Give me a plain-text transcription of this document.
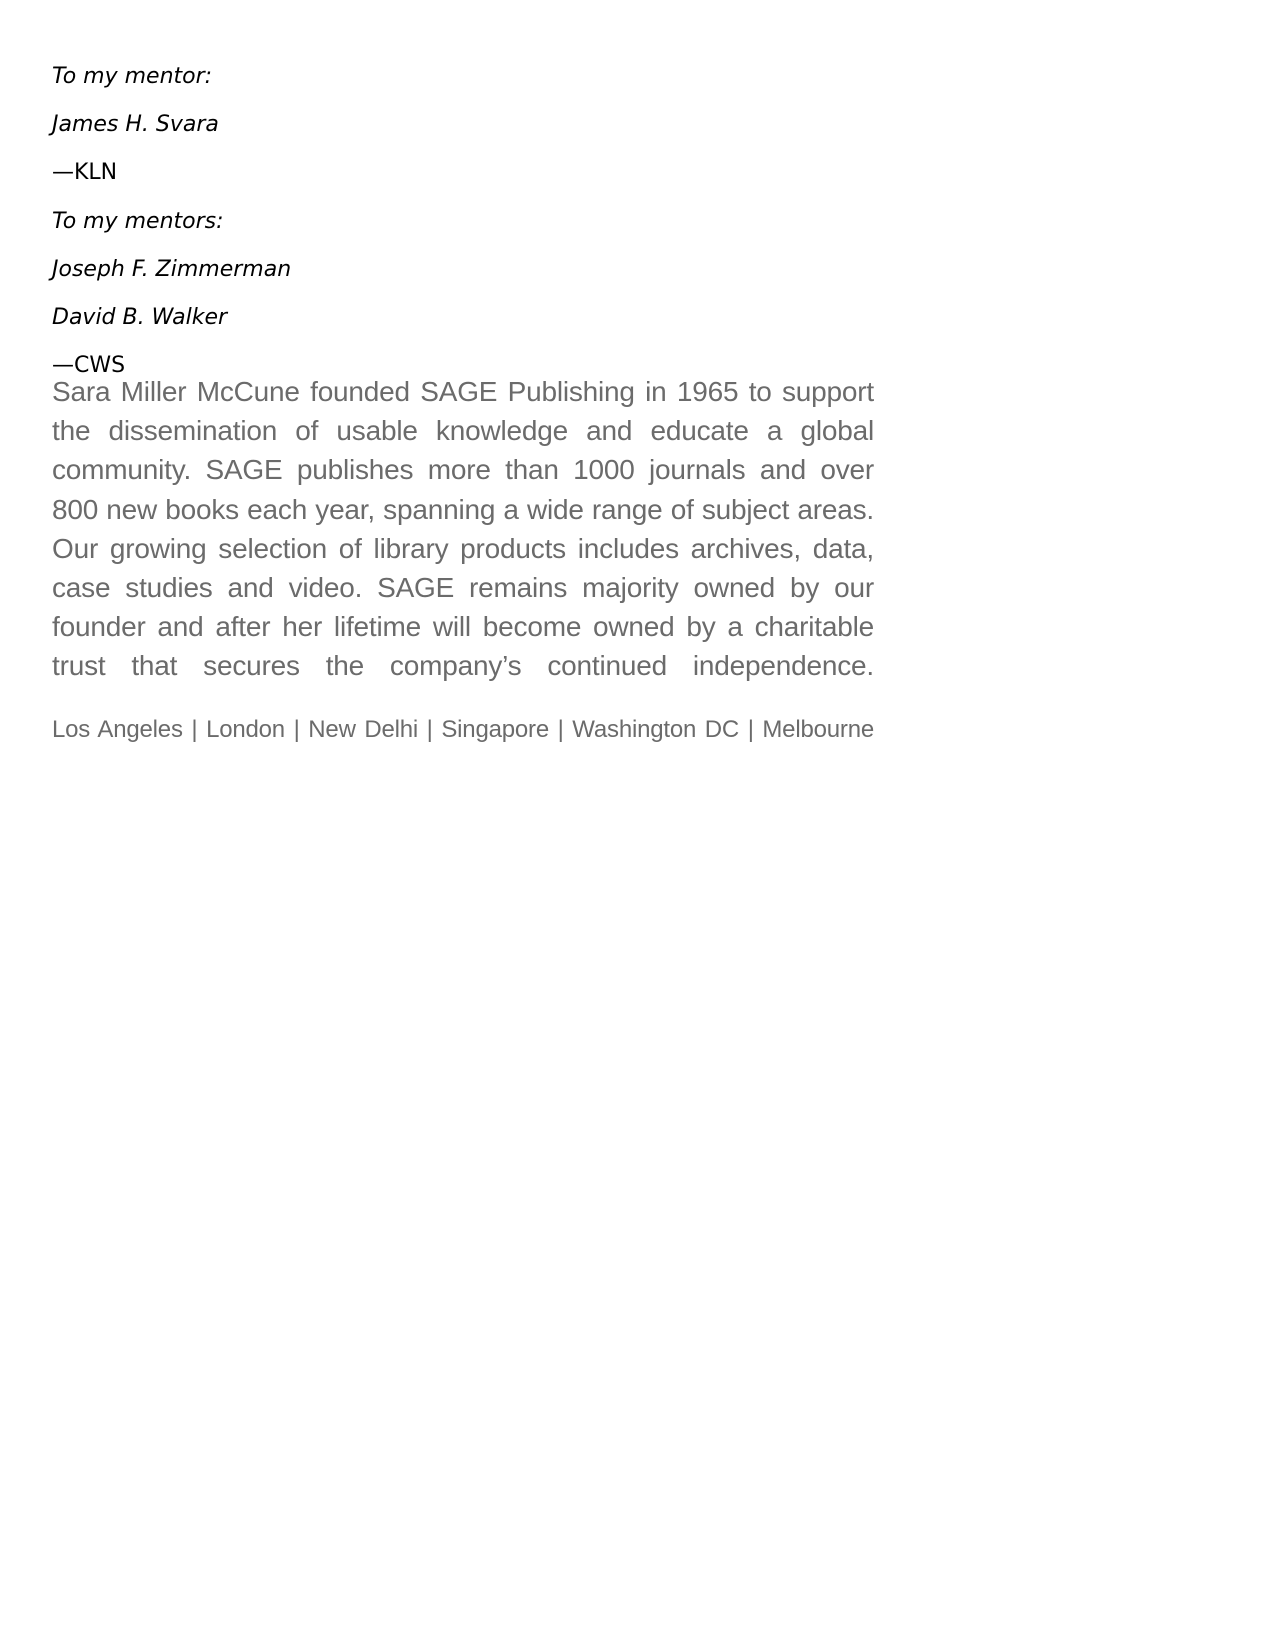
To my mentor:
James H. Svara
—KLN
To my mentors:
Joseph F. Zimmerman
David B. Walker
—CWS

Sara Miller McCune founded SAGE Publishing in 1965 to support
the dissemination of usable knowledge and educate a global
community. SAGE publishes more than 1000 journals and over
800 new books each year, spanning a wide range of subject areas.
Our growing selection of library products includes archives, data,
case studies and video. SAGE remains majority owned by our
founder and after her lifetime will become owned by a charitable
trust that secures the company’s continued independence.

Los Angeles | London | New Delhi | Singapore | Washington DC | Melbourne
